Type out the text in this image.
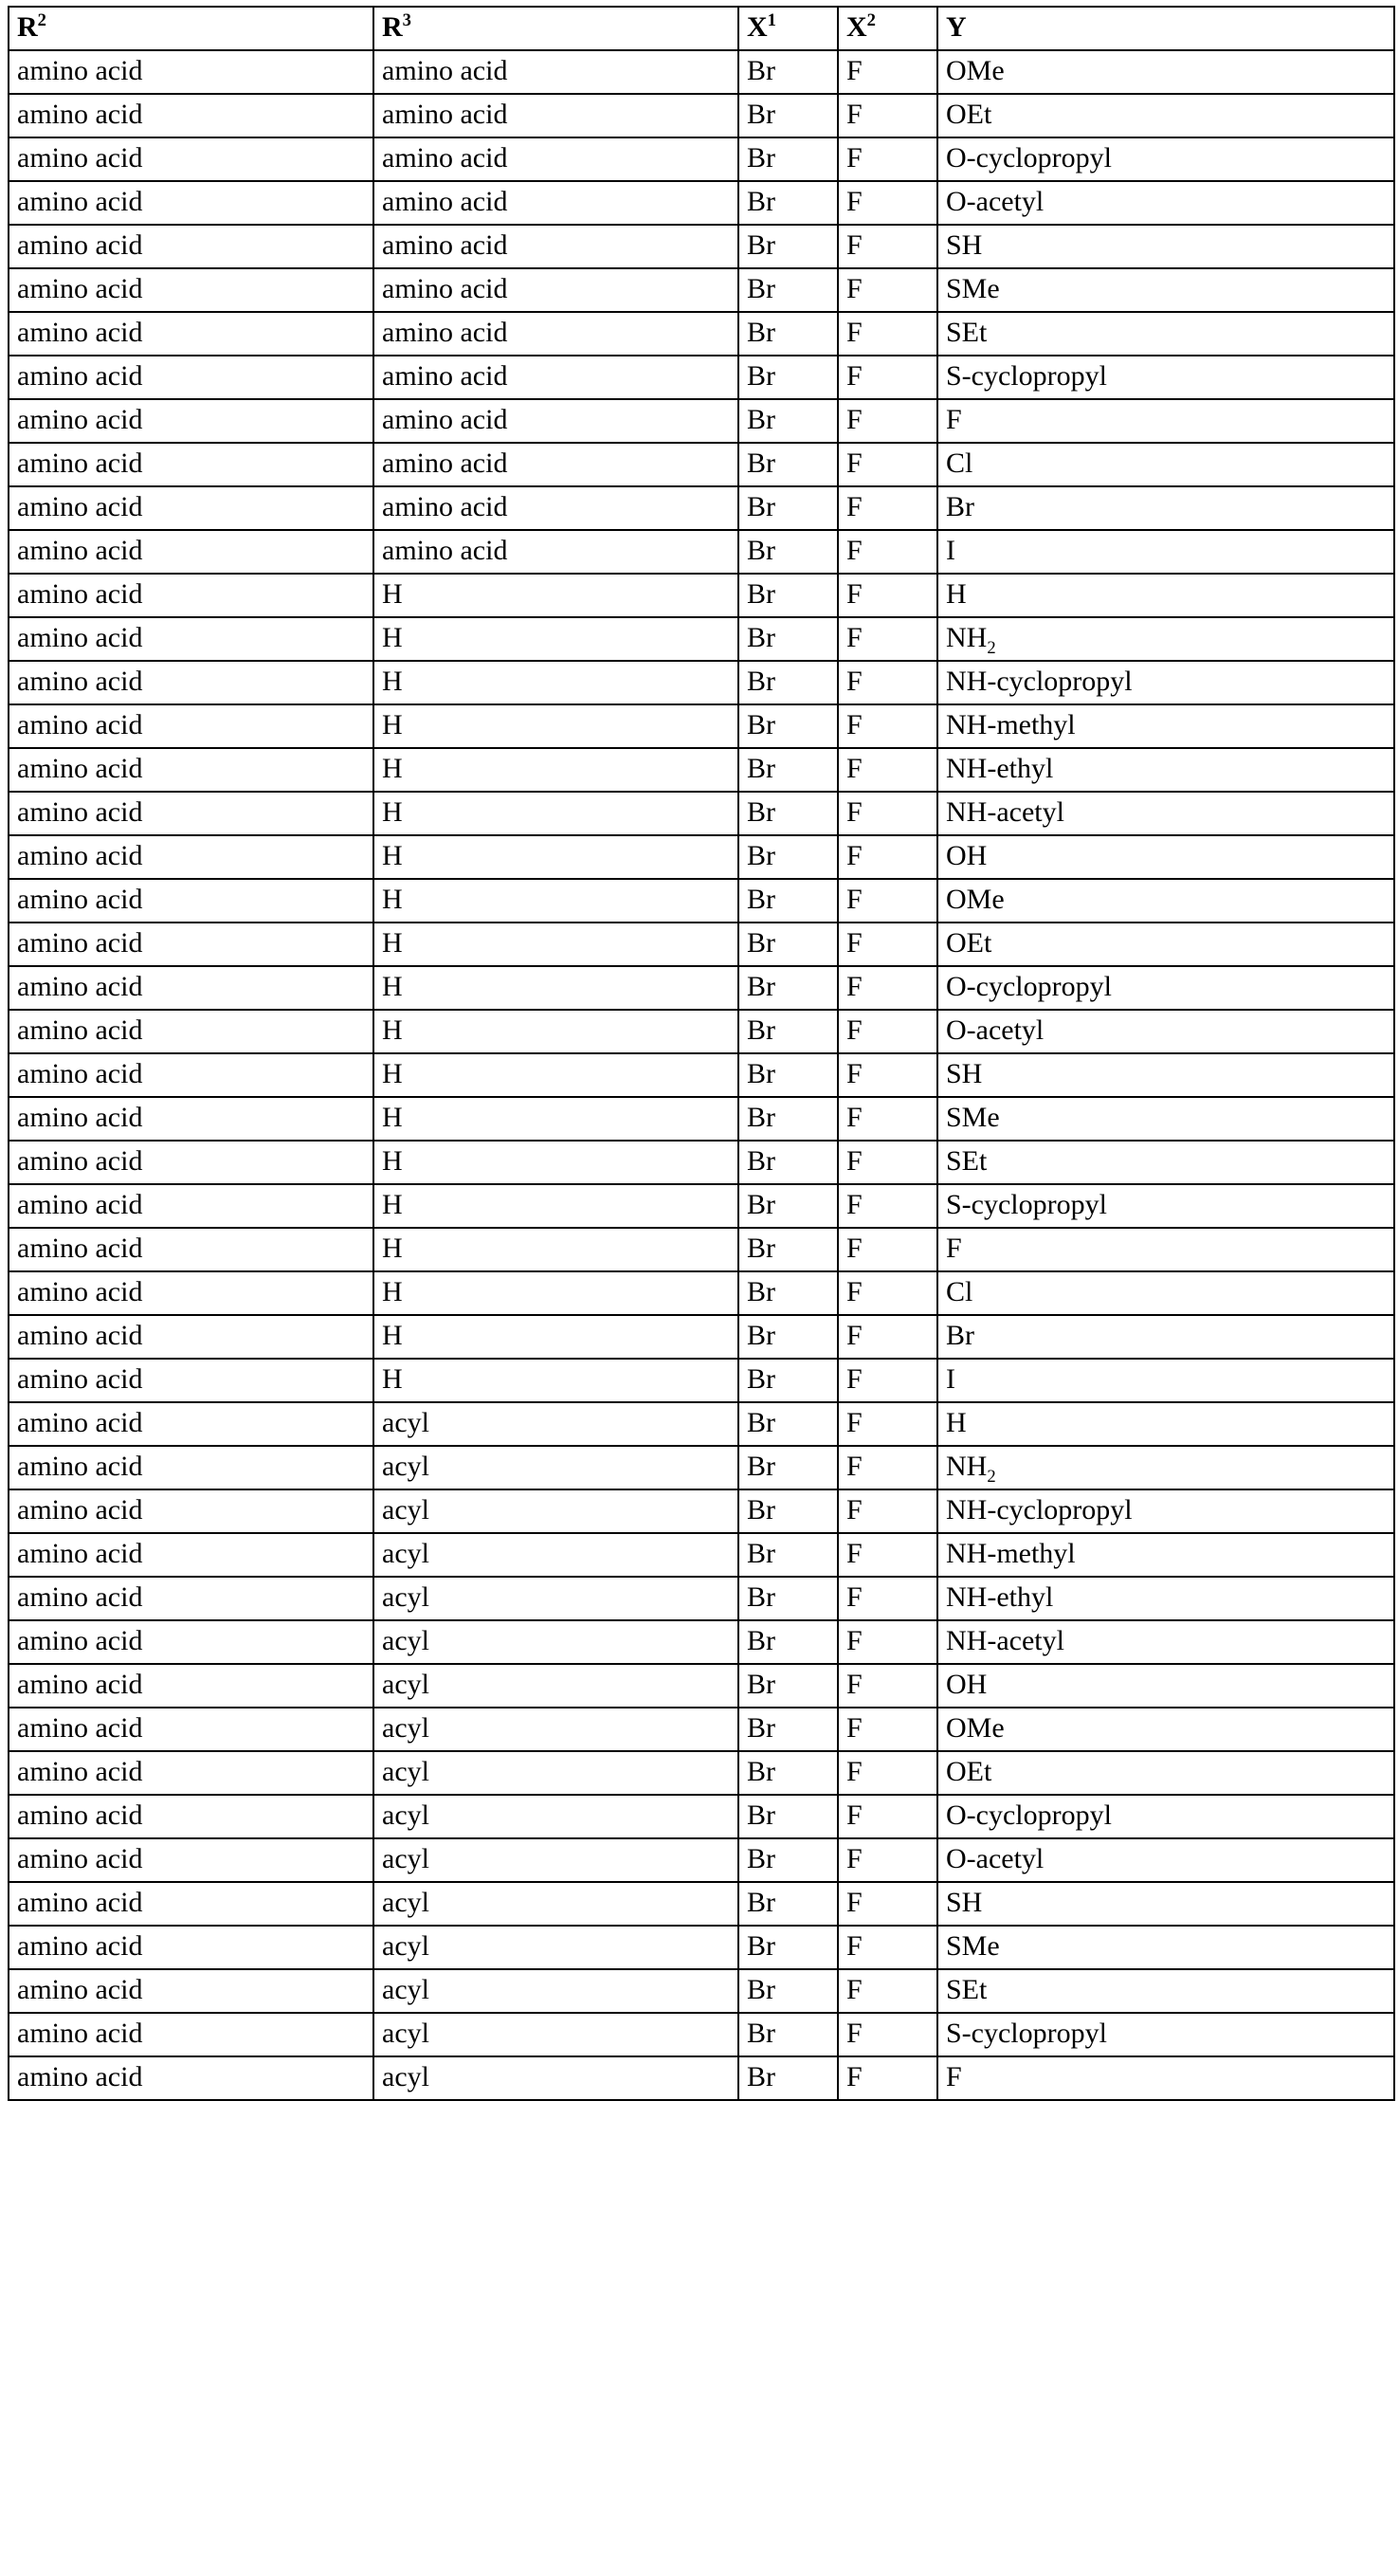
$R^2$	$R^3$	$X^1$	$X^2$	Y
amino acid	amino acid	Br	F	OMe
amino acid	amino acid	Br	F	OEt
amino acid	amino acid	Br	F	O-cyclopropyl
amino acid	amino acid	Br	F	O-acetyl
amino acid	amino acid	Br	F	SH
amino acid	amino acid	Br	F	SMe
amino acid	amino acid	Br	F	SEt
amino acid	amino acid	Br	F	S-cyclopropyl
amino acid	amino acid	Br	F	F
amino acid	amino acid	Br	F	Cl
amino acid	amino acid	Br	F	Br
amino acid	amino acid	Br	F	I
amino acid	H	Br	F	H
amino acid	H	Br	F	$NH_2$
amino acid	H	Br	F	NH-cyclopropyl
amino acid	H	Br	F	NH-methyl
amino acid	H	Br	F	NH-ethyl
amino acid	H	Br	F	NH-acetyl
amino acid	H	Br	F	OH
amino acid	H	Br	F	OMe
amino acid	H	Br	F	OEt
amino acid	H	Br	F	O-cyclopropyl
amino acid	H	Br	F	O-acetyl
amino acid	H	Br	F	SH
amino acid	H	Br	F	SMe
amino acid	H	Br	F	SEt
amino acid	H	Br	F	S-cyclopropyl
amino acid	H	Br	F	F
amino acid	H	Br	F	Cl
amino acid	H	Br	F	Br
amino acid	H	Br	F	I
amino acid	acyl	Br	F	H
amino acid	acyl	Br	F	$NH_2$
amino acid	acyl	Br	F	NH-cyclopropyl
amino acid	acyl	Br	F	NH-methyl
amino acid	acyl	Br	F	NH-ethyl
amino acid	acyl	Br	F	NH-acetyl
amino acid	acyl	Br	F	OH
amino acid	acyl	Br	F	OMe
amino acid	acyl	Br	F	OEt
amino acid	acyl	Br	F	O-cyclopropyl
amino acid	acyl	Br	F	O-acetyl
amino acid	acyl	Br	F	SH
amino acid	acyl	Br	F	SMe
amino acid	acyl	Br	F	SEt
amino acid	acyl	Br	F	S-cyclopropyl
amino acid	acyl	Br	F	F
